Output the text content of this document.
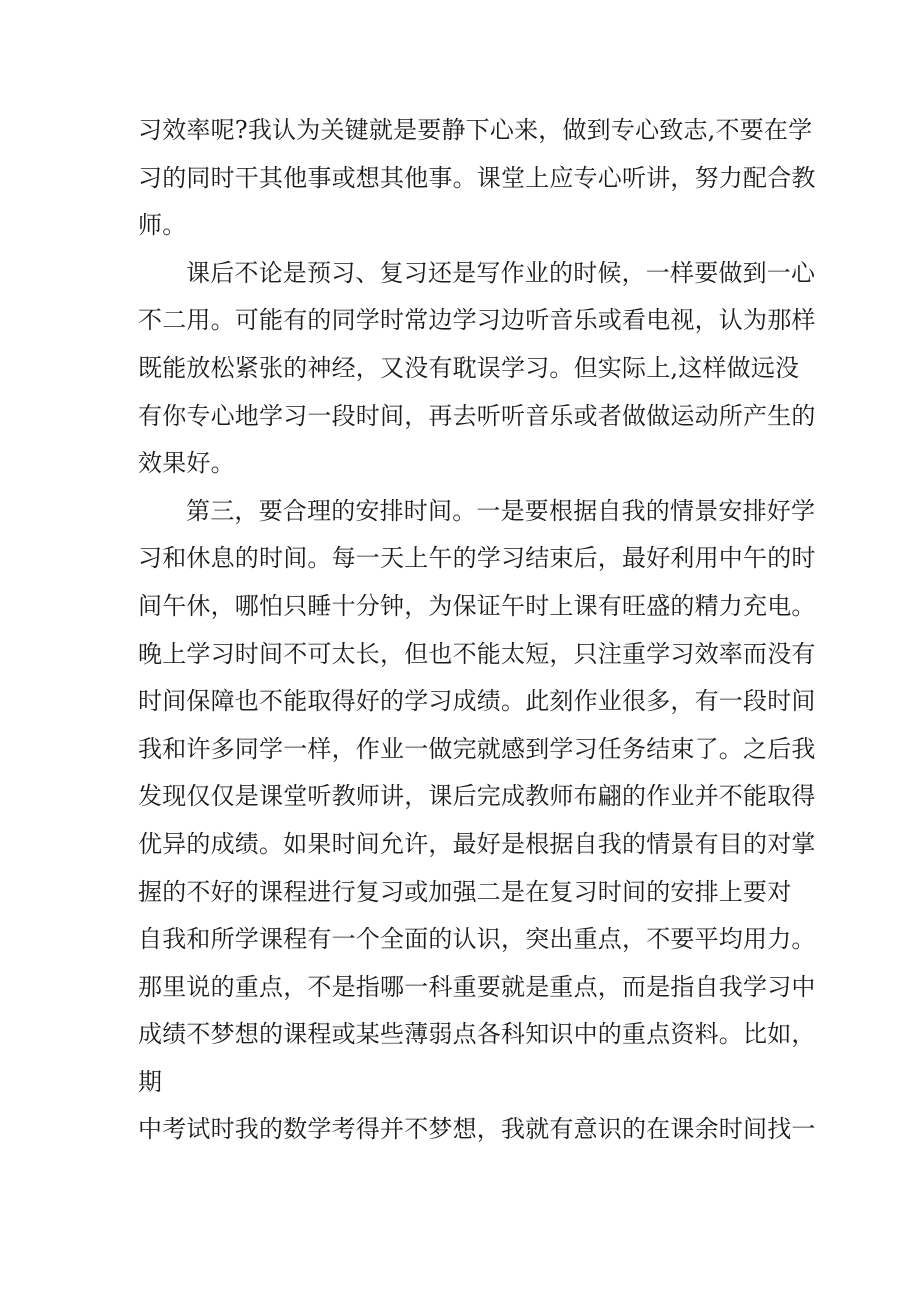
习效率呢?我认为关键就是要静下心来，做到专心致志,不要在学
习的同时干其他事或想其他事。课堂上应专心听讲，努力配合教
师。
课后不论是预习、复习还是写作业的时候，一样要做到一心
不二用。可能有的同学时常边学习边听音乐或看电视，认为那样
既能放松紧张的神经，又没有耽误学习。但实际上,这样做远没
有你专心地学习一段时间，再去听听音乐或者做做运动所产生的
效果好。
第三，要合理的安排时间。一是要根据自我的情景安排好学
习和休息的时间。每一天上午的学习结束后，最好利用中午的时
间午休，哪怕只睡十分钟，为保证午时上课有旺盛的精力充电。
晚上学习时间不可太长，但也不能太短，只注重学习效率而没有
时间保障也不能取得好的学习成绩。此刻作业很多，有一段时间
我和许多同学一样，作业一做完就感到学习任务结束了。之后我
发现仅仅是课堂听教师讲，课后完成教师布翩的作业并不能取得
优异的成绩。如果时间允许，最好是根据自我的情景有目的对掌
握的不好的课程进行复习或加强二是在复习时间的安排上要对
自我和所学课程有一个全面的认识，突出重点，不要平均用力。
那里说的重点，不是指哪一科重要就是重点，而是指自我学习中
成绩不梦想的课程或某些薄弱点各科知识中的重点资料。比如，
期
中考试时我的数学考得并不梦想，我就有意识的在课余时间找一
